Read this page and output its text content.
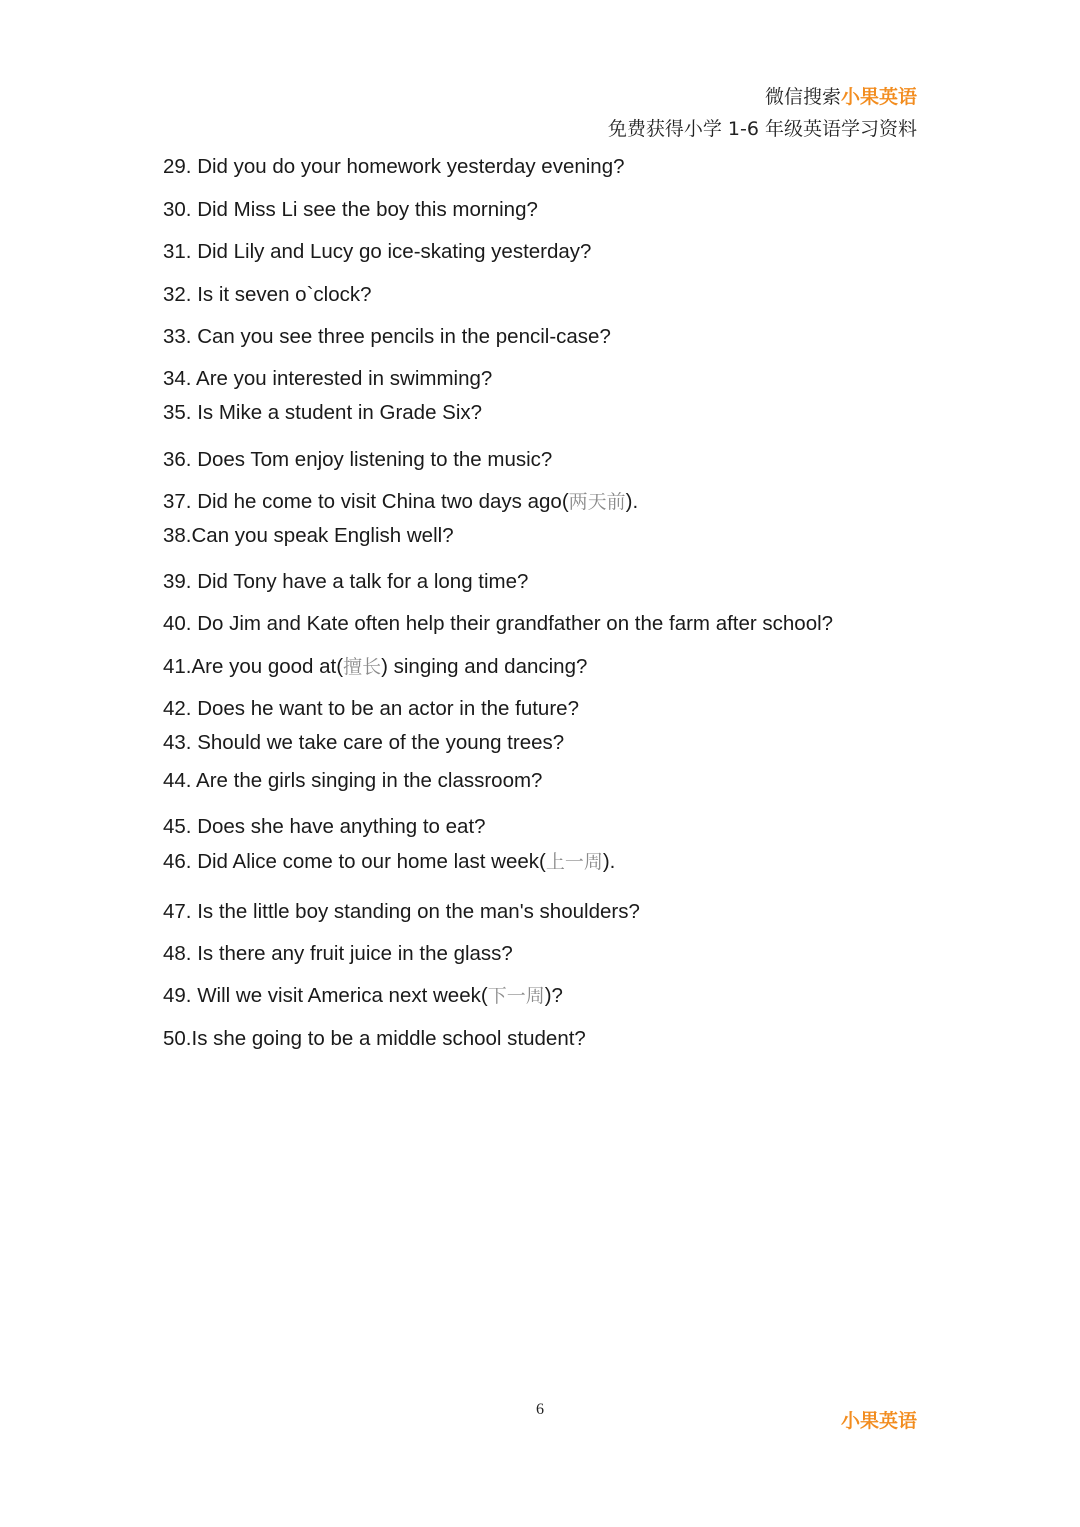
微信搜索小果英语
免费获得小学 1-6 年级英语学习资料
29. Did you do your homework yesterday evening?
30. Did Miss Li see the boy this morning?
31. Did Lily and Lucy go ice-skating yesterday?
32. Is it seven o`clock?
33. Can you see three pencils in the pencil-case?
34. Are you interested in swimming?
35. Is Mike a student in Grade Six?
36. Does Tom enjoy listening to the music?
37. Did he come to visit China two days ago(两天前).
38.Can you speak English well?
39. Did Tony have a talk for a long time?
40. Do Jim and Kate often help their grandfather on the farm after school?
41.Are you good at(擅长) singing and dancing?
42. Does he want to be an actor in the future?
43. Should we take care of the young trees?
44. Are the girls singing in the classroom?
45. Does she have anything to eat?
46. Did Alice come to our home last week(上一周).
47. Is the little boy standing on the man's shoulders?
48. Is there any fruit juice in the glass?
49. Will we visit America next week(下一周)?
50.Is she going to be a middle school student?
6
小果英语
